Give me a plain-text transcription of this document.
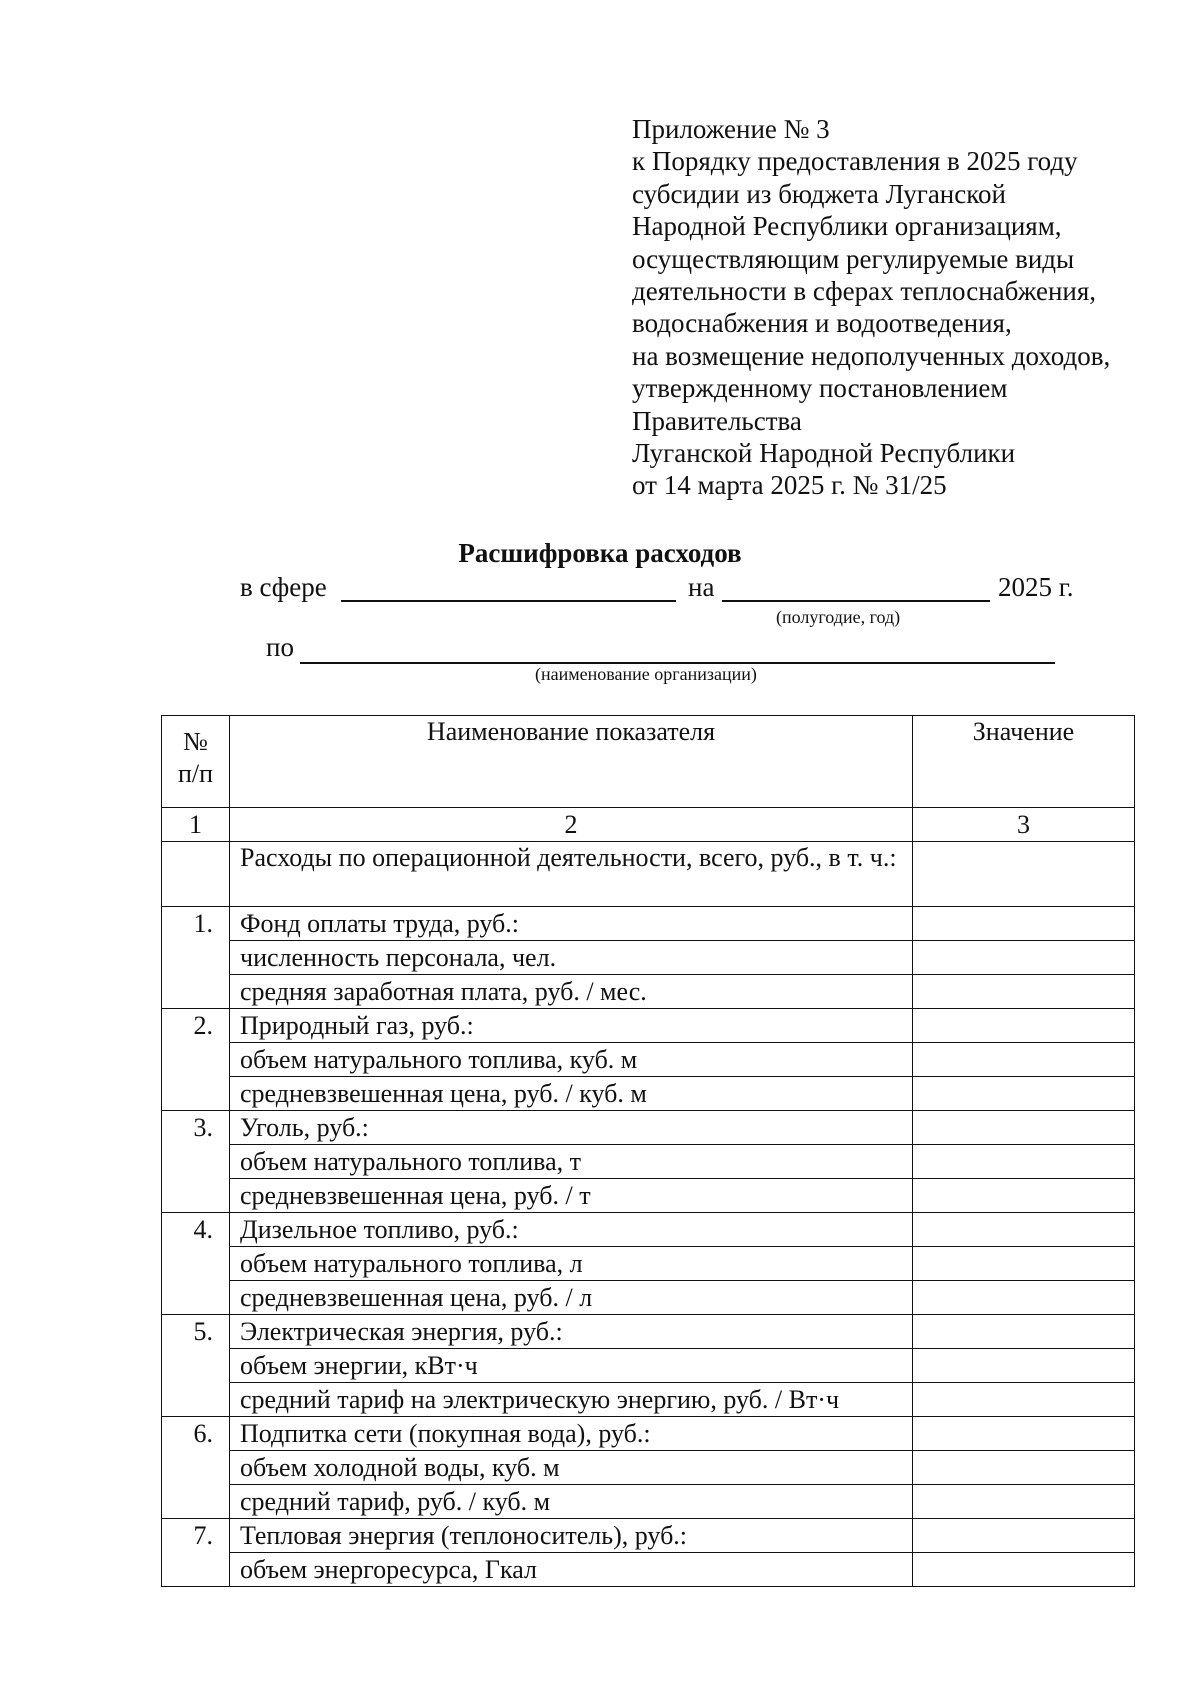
Приложение № 3
к Порядку предоставления в 2025 году
субсидии из бюджета Луганской
Народной Республики организациям,
осуществляющим регулируемые виды
деятельности в сферах теплоснабжения,
водоснабжения и водоотведения,
на возмещение недополученных доходов,
утвержденному постановлением
Правительства
Луганской Народной Республики
от 14 марта 2025 г. № 31/25
Расшифровка расходов
в сфере	на	2025 г.
(полугодие, год)
по
(наименование организации)
№ п/п	Наименование показателя	Значение
1	2	3
	Расходы по операционной деятельности, всего, руб., в т. ч.:	
1.	Фонд оплаты труда, руб.:	
	численность персонала, чел.	
	средняя заработная плата, руб. / мес.	
2.	Природный газ, руб.:	
	объем натурального топлива, куб. м	
	средневзвешенная цена, руб. / куб. м	
3.	Уголь, руб.:	
	объем натурального топлива, т	
	средневзвешенная цена, руб. / т	
4.	Дизельное топливо, руб.:	
	объем натурального топлива, л	
	средневзвешенная цена, руб. / л	
5.	Электрическая энергия, руб.:	
	объем энергии, кВт·ч	
	средний тариф на электрическую энергию, руб. / Вт·ч	
6.	Подпитка сети (покупная вода), руб.:	
	объем холодной воды, куб. м	
	средний тариф, руб. / куб. м	
7.	Тепловая энергия (теплоноситель), руб.:	
	объем энергоресурса, Гкал	
